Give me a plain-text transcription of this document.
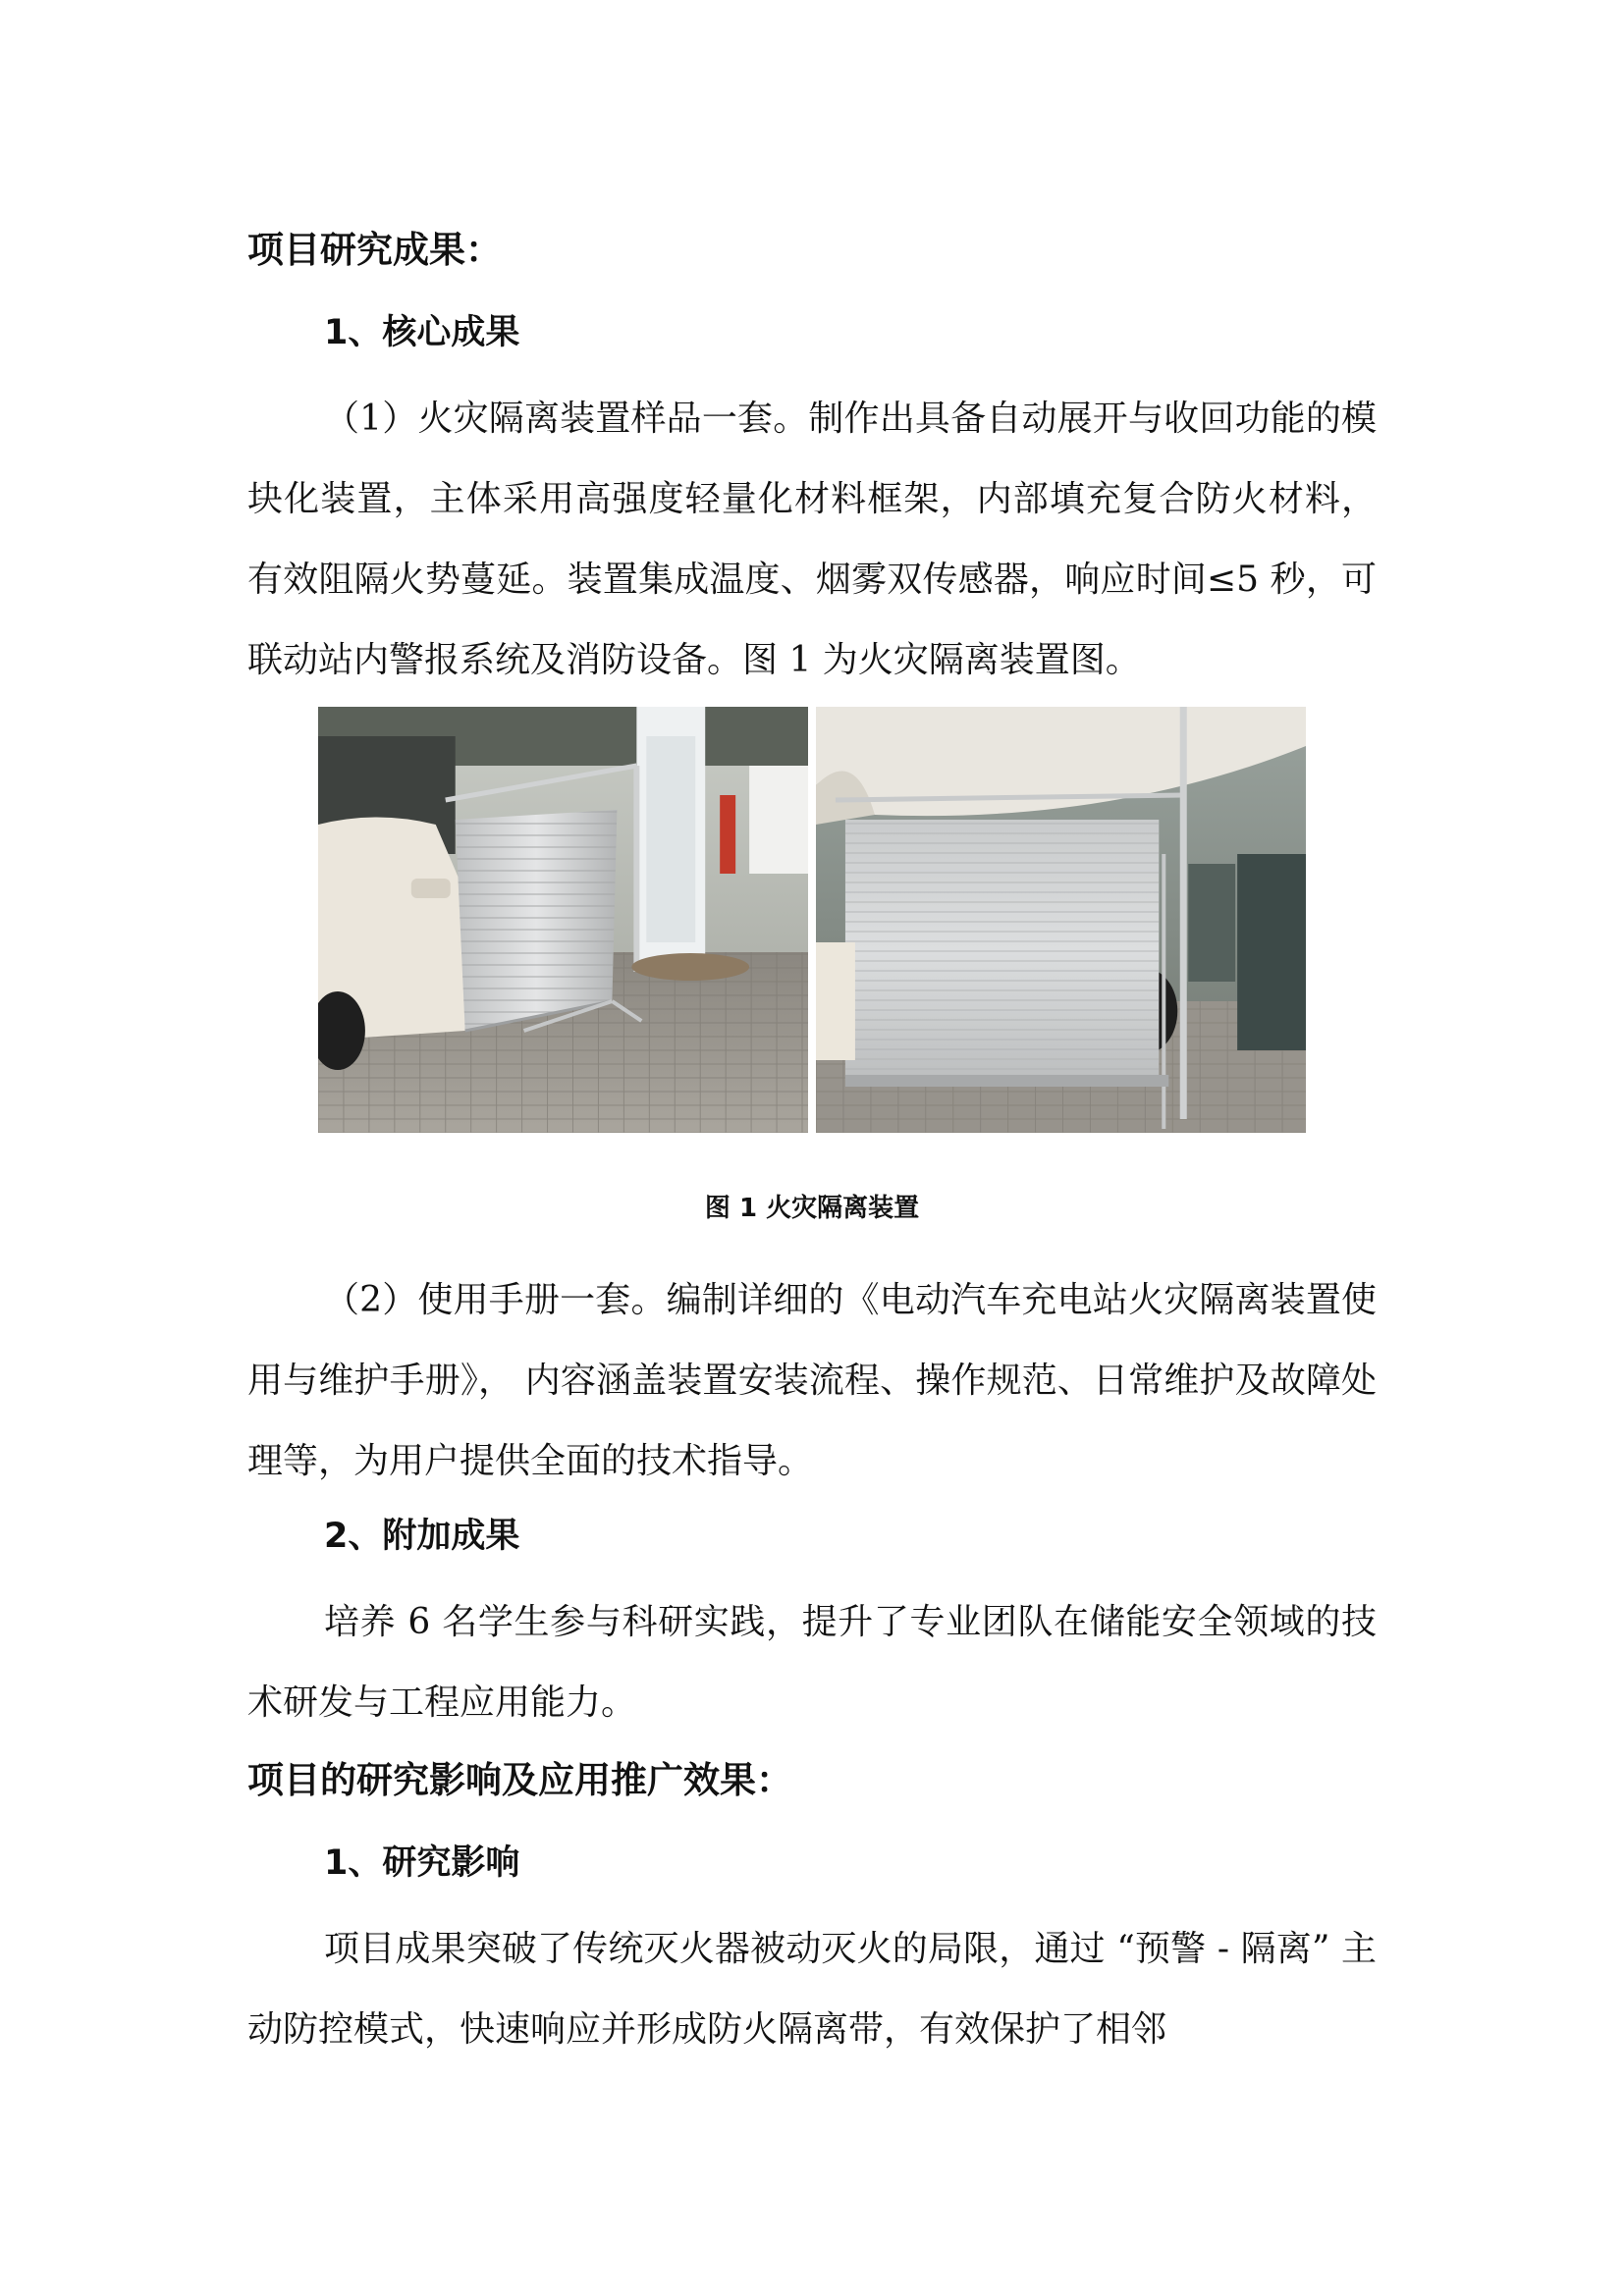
项目研究成果：
1、核心成果

（1）火灾隔离装置样品一套。制作出具备自动展开与收回功能的模块化装置，主体采用高强度轻量化材料框架，内部填充复合防火材料，有效阻隔火势蔓延。装置集成温度、烟雾双传感器，响应时间≤5 秒，可联动站内警报系统及消防设备。图 1 为火灾隔离装置图。

图 1 火灾隔离装置

（2）使用手册一套。编制详细的《电动汽车充电站火灾隔离装置使用与维护手册》， 内容涵盖装置安装流程、操作规范、日常维护及故障处理等，为用户提供全面的技术指导。

2、附加成果

培养 6 名学生参与科研实践，提升了专业团队在储能安全领域的技术研发与工程应用能力。

项目的研究影响及应用推广效果：
1、研究影响

项目成果突破了传统灭火器被动灭火的局限，通过 “预警 - 隔离” 主动防控模式，快速响应并形成防火隔离带，有效保护了相邻
